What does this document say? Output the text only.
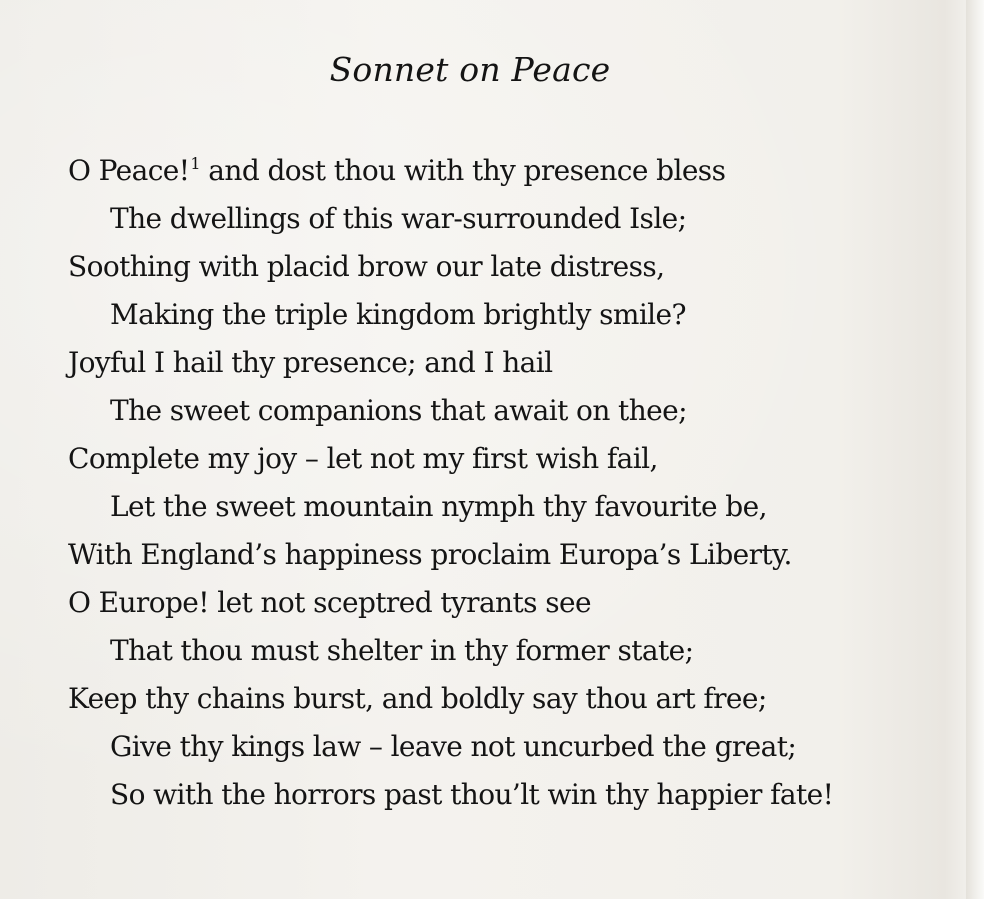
Sonnet on Peace
O Peace!$^1$ and dost thou with thy presence bless
The dwellings of this war-surrounded Isle;
Soothing with placid brow our late distress,
Making the triple kingdom brightly smile?
Joyful I hail thy presence; and I hail
The sweet companions that await on thee;
Complete my joy – let not my first wish fail,
Let the sweet mountain nymph thy favourite be,
With England’s happiness proclaim Europa’s Liberty.
O Europe! let not sceptred tyrants see
That thou must shelter in thy former state;
Keep thy chains burst, and boldly say thou art free;
Give thy kings law – leave not uncurbed the great;
So with the horrors past thou’lt win thy happier fate!
